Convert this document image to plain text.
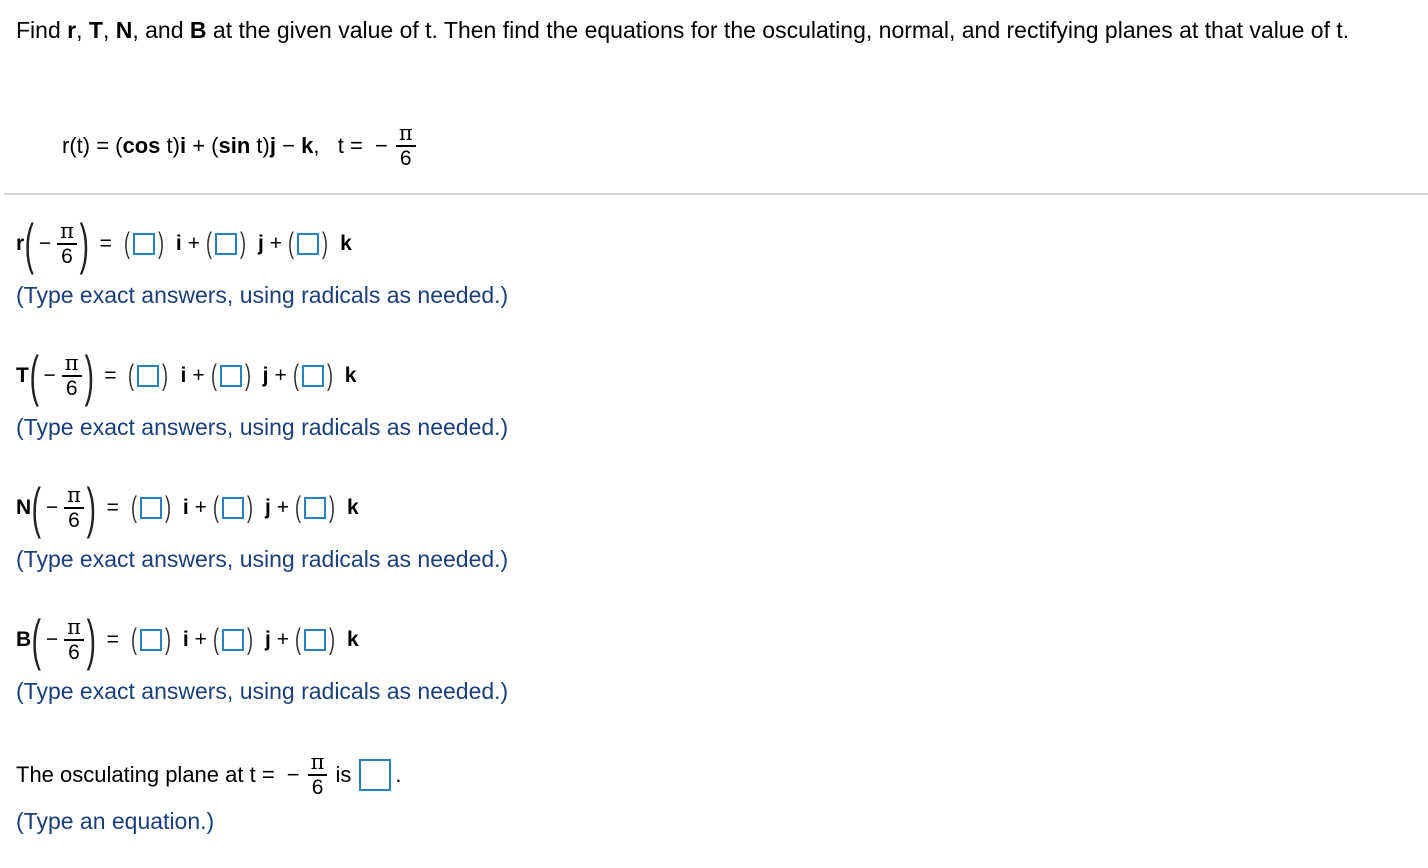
Find r, T, N, and B at the given value of t. Then find the equations for the osculating, normal, and rectifying planes at that value of t.
r(t) = ( cos t) i + ( sin t) j − k ,   t = − $\frac{\pi}{6}$
r ( − $\frac{\pi}{6}$ ) = ( ) i + ( ) j + ( ) k
(Type exact answers, using radicals as needed.)
T ( − $\frac{\pi}{6}$ ) = ( ) i + ( ) j + ( ) k
(Type exact answers, using radicals as needed.)
N ( − $\frac{\pi}{6}$ ) = ( ) i + ( ) j + ( ) k
(Type exact answers, using radicals as needed.)
B ( − $\frac{\pi}{6}$ ) = ( ) i + ( ) j + ( ) k
(Type exact answers, using radicals as needed.)
The osculating plane at t = − $\frac{\pi}{6}$ is .
(Type an equation.)
